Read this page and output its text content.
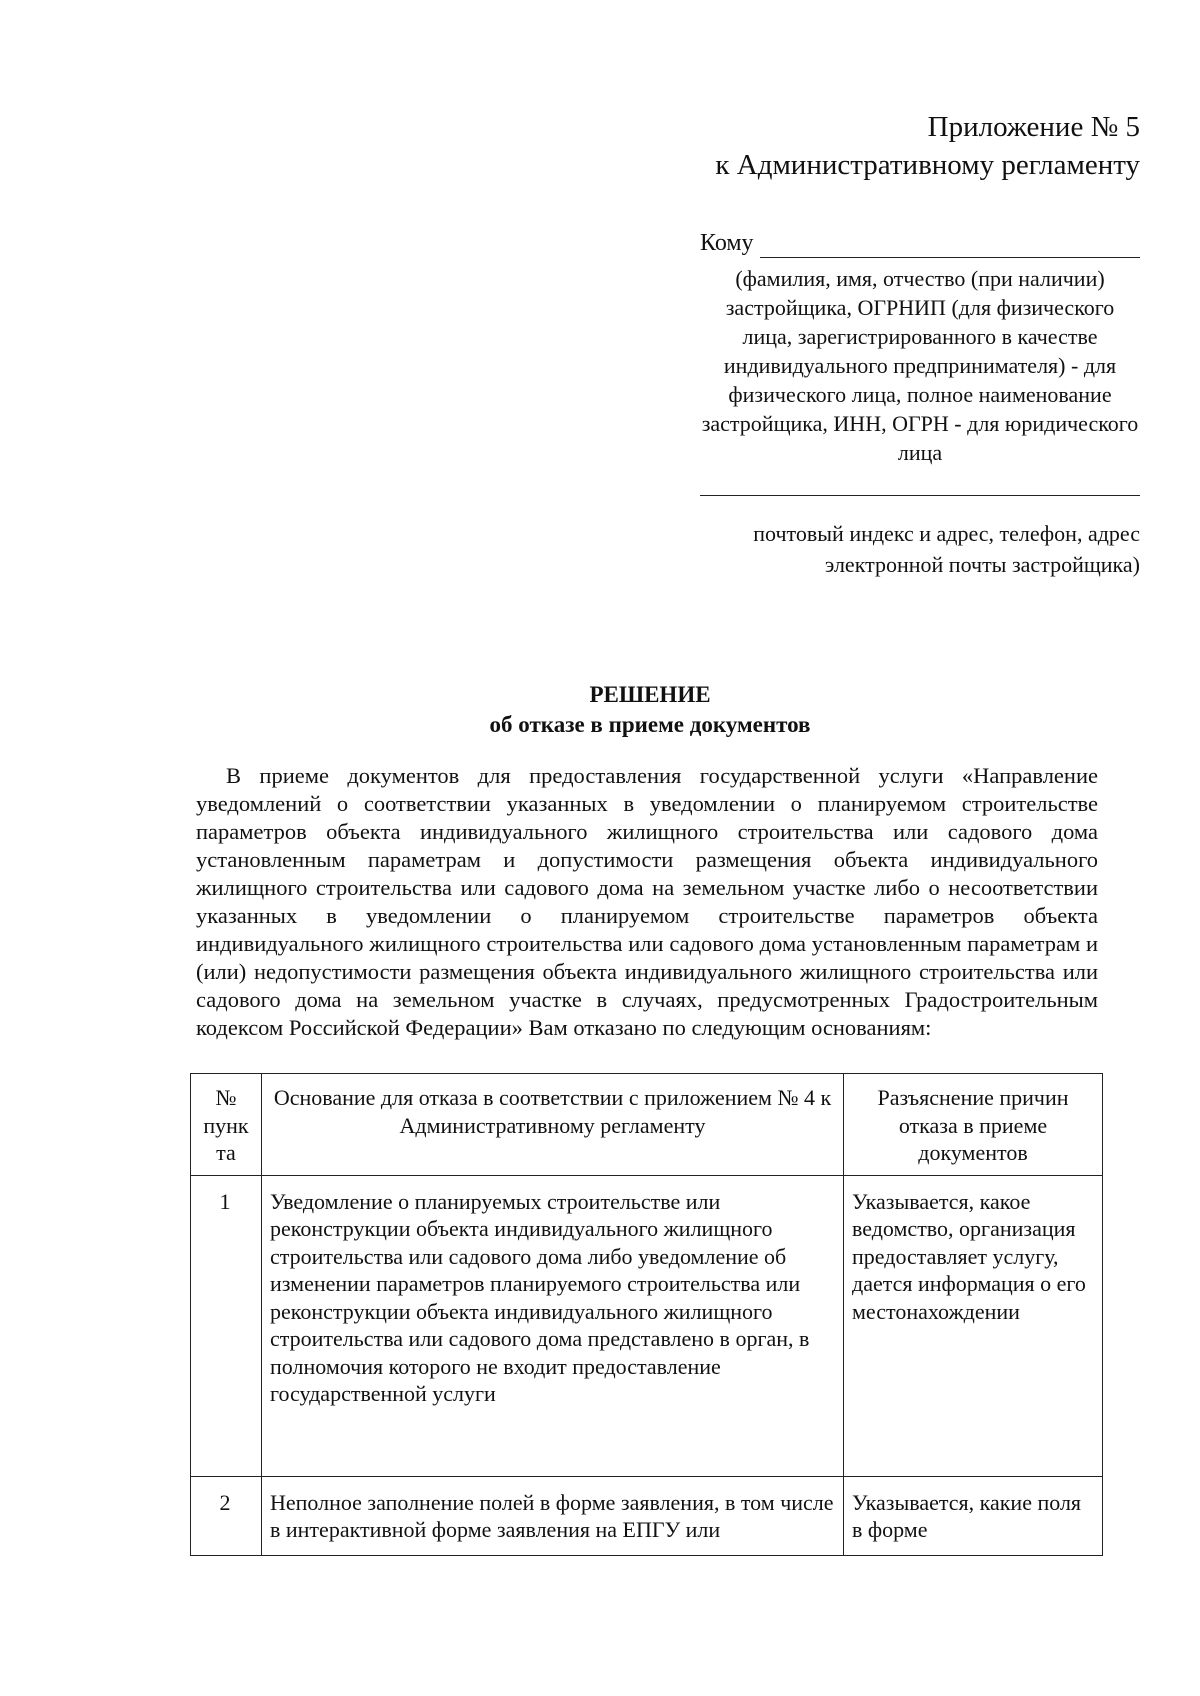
Приложение № 5
к Административному регламенту
Кому
(фамилия, имя, отчество (при наличии) застройщика, ОГРНИП (для физического лица, зарегистрированного в качестве индивидуального предпринимателя) - для физического лица, полное наименование застройщика, ИНН, ОГРН - для юридического лица
почтовый индекс и адрес, телефон, адрес электронной почты застройщика)
РЕШЕНИЕ
об отказе в приеме документов
В приеме документов для предоставления государственной услуги «Направление уведомлений о соответствии указанных в уведомлении о планируемом строительстве параметров объекта индивидуального жилищного строительства или садового дома установленным параметрам и допустимости размещения объекта индивидуального жилищного строительства или садового дома на земельном участке либо о несоответствии указанных в уведомлении о планируемом строительстве параметров объекта индивидуального жилищного строительства или садового дома установленным параметрам и (или) недопустимости размещения объекта индивидуального жилищного строительства или садового дома на земельном участке в случаях, предусмотренных Градостроительным кодексом Российской Федерации» Вам отказано по следующим основаниям:
№ пунк та	Основание для отказа в соответствии с приложением № 4 к Административному регламенту	Разъяснение причин отказа в приеме документов
1	Уведомление о планируемых строительстве или реконструкции объекта индивидуального жилищного строительства или садового дома либо уведомление об изменении параметров планируемого строительства или реконструкции объекта индивидуального жилищного строительства или садового дома представлено в орган, в полномочия которого не входит предоставление государственной услуги	Указывается, какое ведомство, организация предоставляет услугу, дается информация о его местонахождении
2	Неполное заполнение полей в форме заявления, в том числе в интерактивной форме заявления на ЕПГУ или	Указывается, какие поля в форме
